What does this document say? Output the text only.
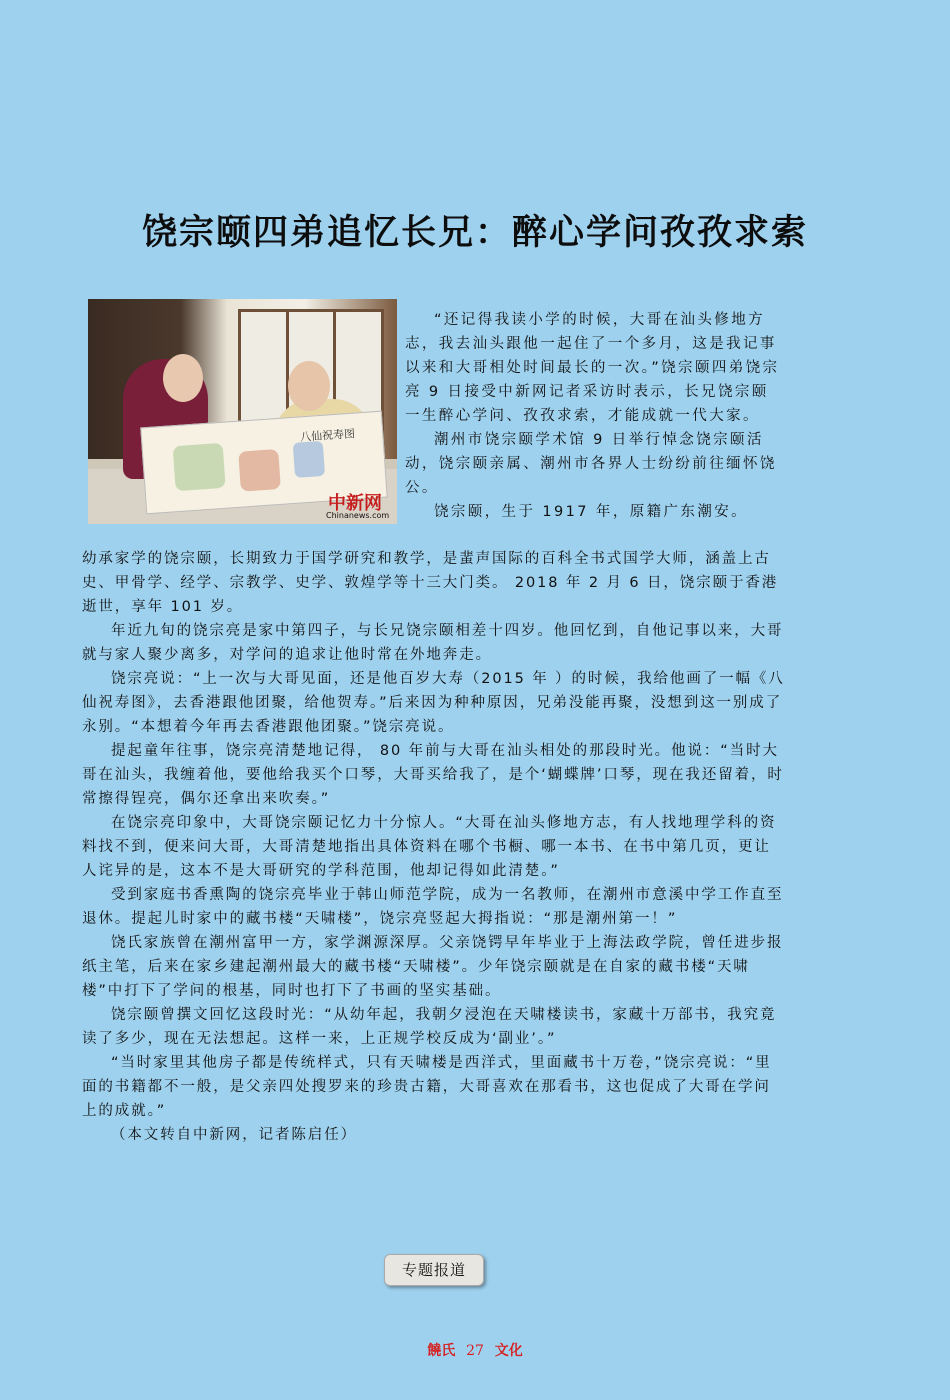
饶宗颐四弟追忆长兄：醉心学问孜孜求索
八仙祝寿图
中新网
Chinanews.com

“还记得我读小学的时候，大哥在汕头修地方志，我去汕头跟他一起住了一个多月，这是我记事以来和大哥相处时间最长的一次。”饶宗颐四弟饶宗亮 9 日接受中新网记者采访时表示，长兄饶宗颐一生醉心学问、孜孜求索，才能成就一代大家。

潮州市饶宗颐学术馆 9 日举行悼念饶宗颐活动，饶宗颐亲属、潮州市各界人士纷纷前往缅怀饶公。

饶宗颐，生于 1917 年，原籍广东潮安。

幼承家学的饶宗颐，长期致力于国学研究和教学，是蜚声国际的百科全书式国学大师，涵盖上古史、甲骨学、经学、宗教学、史学、敦煌学等十三大门类。 2018 年 2 月 6 日，饶宗颐于香港逝世，享年 101 岁。

年近九旬的饶宗亮是家中第四子，与长兄饶宗颐相差十四岁。他回忆到，自他记事以来，大哥就与家人聚少离多，对学问的追求让他时常在外地奔走。

饶宗亮说：“上一次与大哥见面，还是他百岁大寿（2015 年 ）的时候，我给他画了一幅《八仙祝寿图》，去香港跟他团聚，给他贺寿。”后来因为种种原因，兄弟没能再聚，没想到这一别成了永别。“本想着今年再去香港跟他团聚。”饶宗亮说。

提起童年往事，饶宗亮清楚地记得， 80 年前与大哥在汕头相处的那段时光。他说：“当时大哥在汕头，我缠着他，要他给我买个口琴，大哥买给我了，是个‘蝴蝶牌’口琴，现在我还留着，时常擦得锃亮，偶尔还拿出来吹奏。”

在饶宗亮印象中，大哥饶宗颐记忆力十分惊人。“大哥在汕头修地方志，有人找地理学科的资料找不到，便来问大哥，大哥清楚地指出具体资料在哪个书橱、哪一本书、在书中第几页，更让人诧异的是，这本不是大哥研究的学科范围，他却记得如此清楚。”

受到家庭书香熏陶的饶宗亮毕业于韩山师范学院，成为一名教师，在潮州市意溪中学工作直至退休。提起儿时家中的藏书楼“天啸楼”，饶宗亮竖起大拇指说：“那是潮州第一！”

饶氏家族曾在潮州富甲一方，家学渊源深厚。父亲饶锷早年毕业于上海法政学院，曾任进步报纸主笔，后来在家乡建起潮州最大的藏书楼“天啸楼”。少年饶宗颐就是在自家的藏书楼“天啸楼”中打下了学问的根基，同时也打下了书画的坚实基础。

饶宗颐曾撰文回忆这段时光：“从幼年起，我朝夕浸泡在天啸楼读书，家藏十万部书，我究竟读了多少，现在无法想起。这样一来，上正规学校反成为‘副业’。”

“当时家里其他房子都是传统样式，只有天啸楼是西洋式，里面藏书十万卷，”饶宗亮说：“里面的书籍都不一般，是父亲四处搜罗来的珍贵古籍，大哥喜欢在那看书，这也促成了大哥在学问上的成就。”

（本文转自中新网，记者陈启任）

专题报道
饒氏 27 文化
